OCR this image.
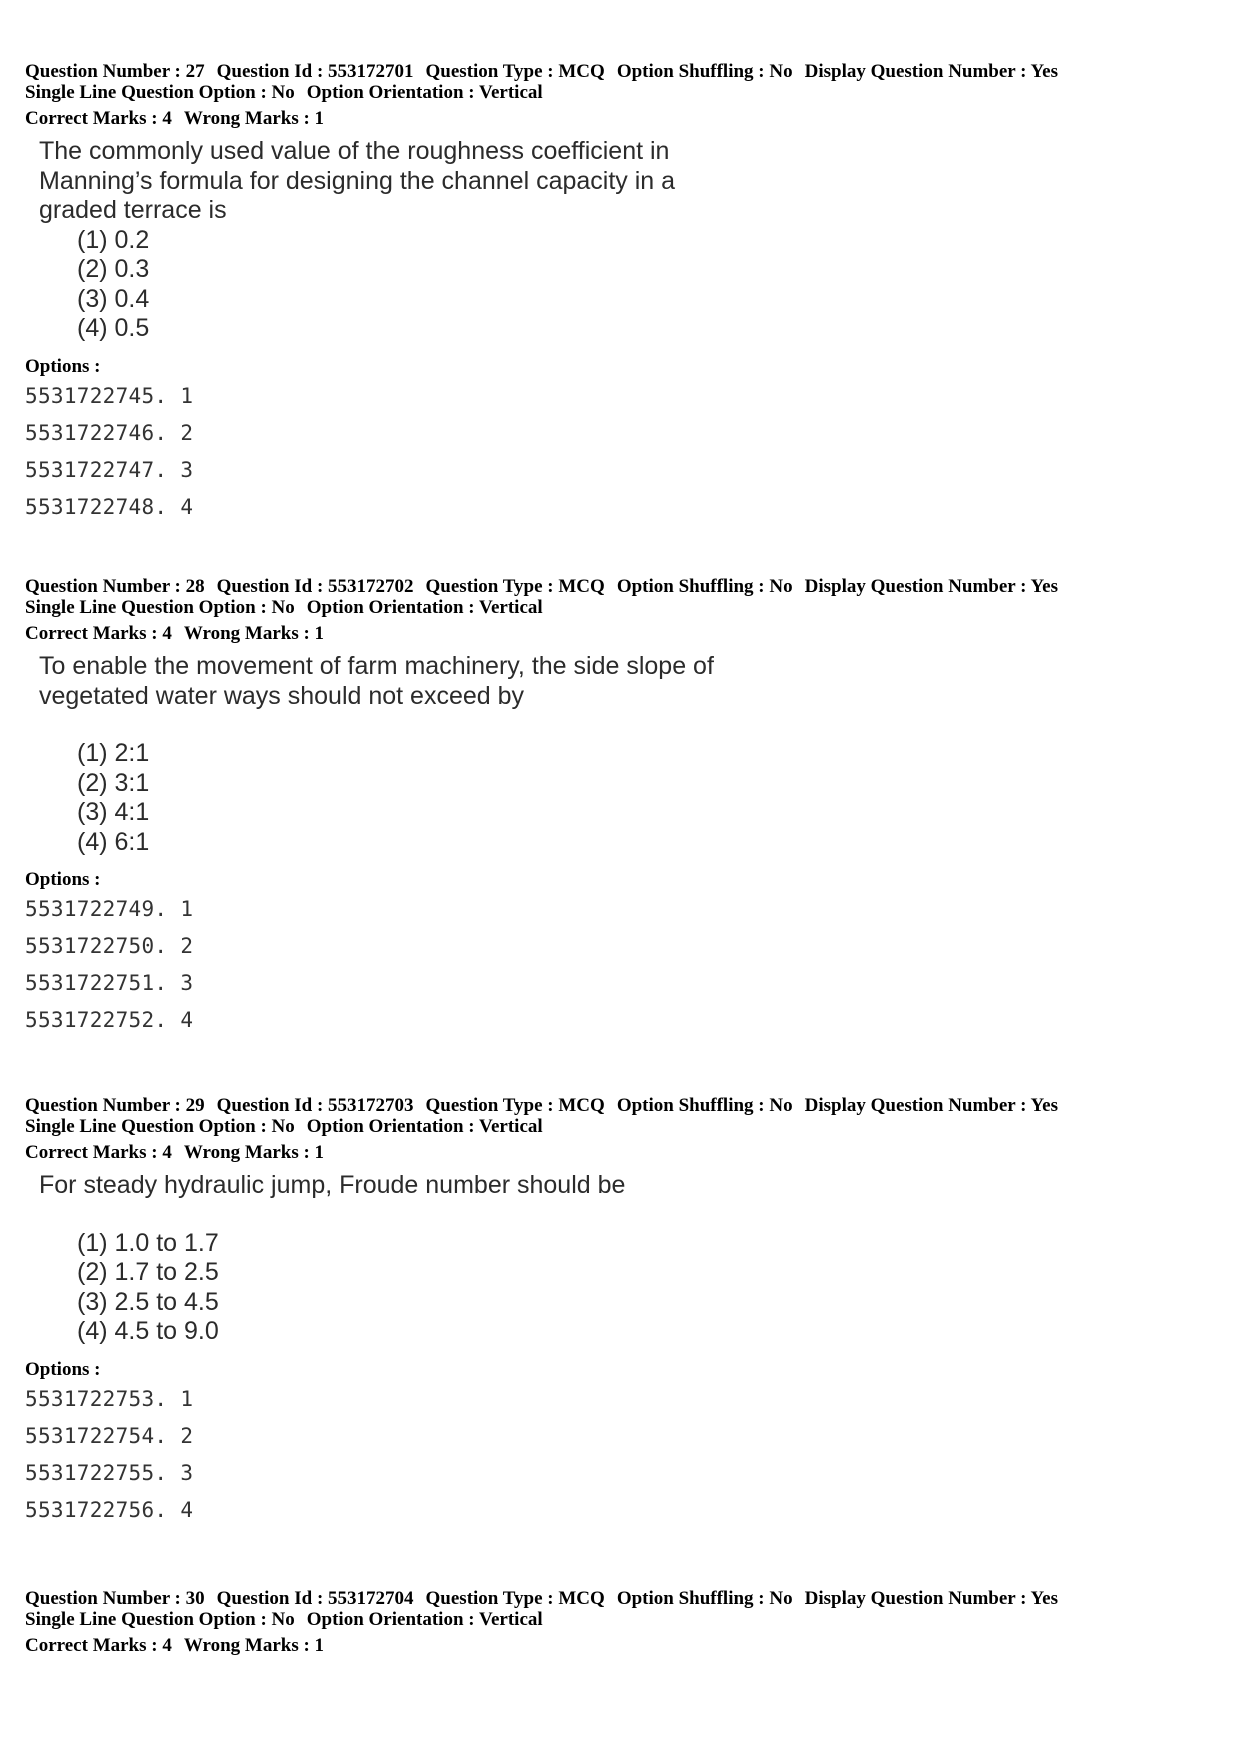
Question Number : 27 Question Id : 553172701 Question Type : MCQ Option Shuffling : No Display Question Number : Yes
Single Line Question Option : No Option Orientation : Vertical
Correct Marks : 4 Wrong Marks : 1
The commonly used value of the roughness coefficient in
Manning’s formula for designing the channel capacity in a
graded terrace is
(1) 0.2
(2) 0.3
(3) 0.4
(4) 0.5
Options :
5531722745. 1
5531722746. 2
5531722747. 3
5531722748. 4
Question Number : 28 Question Id : 553172702 Question Type : MCQ Option Shuffling : No Display Question Number : Yes
Single Line Question Option : No Option Orientation : Vertical
Correct Marks : 4 Wrong Marks : 1
To enable the movement of farm machinery, the side slope of
vegetated water ways should not exceed by
(1) 2:1
(2) 3:1
(3) 4:1
(4) 6:1
Options :
5531722749. 1
5531722750. 2
5531722751. 3
5531722752. 4
Question Number : 29 Question Id : 553172703 Question Type : MCQ Option Shuffling : No Display Question Number : Yes
Single Line Question Option : No Option Orientation : Vertical
Correct Marks : 4 Wrong Marks : 1
For steady hydraulic jump, Froude number should be
(1) 1.0 to 1.7
(2) 1.7 to 2.5
(3) 2.5 to 4.5
(4) 4.5 to 9.0
Options :
5531722753. 1
5531722754. 2
5531722755. 3
5531722756. 4
Question Number : 30 Question Id : 553172704 Question Type : MCQ Option Shuffling : No Display Question Number : Yes
Single Line Question Option : No Option Orientation : Vertical
Correct Marks : 4 Wrong Marks : 1
